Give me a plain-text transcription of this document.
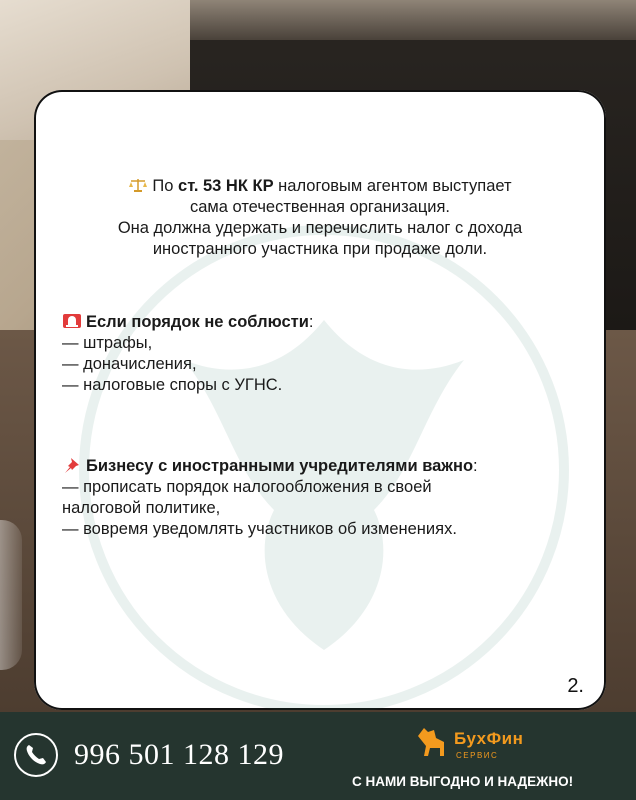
По ст. 53 НК КР налоговым агентом выступает
сама отечественная организация.
Она должна удержать и перечислить налог с дохода
иностранного участника при продаже доли.
Если порядок не соблюсти:
— штрафы,
— доначисления,
— налоговые споры с УГНС.
Бизнесу с иностранными учредителями важно:
— прописать порядок налогообложения в своей
налоговой политике,
— вовремя уведомлять участников об изменениях.
2.
996 501 128 129	БухФин
СЕРВИС
С НАМИ ВЫГОДНО И НАДЕЖНО!
